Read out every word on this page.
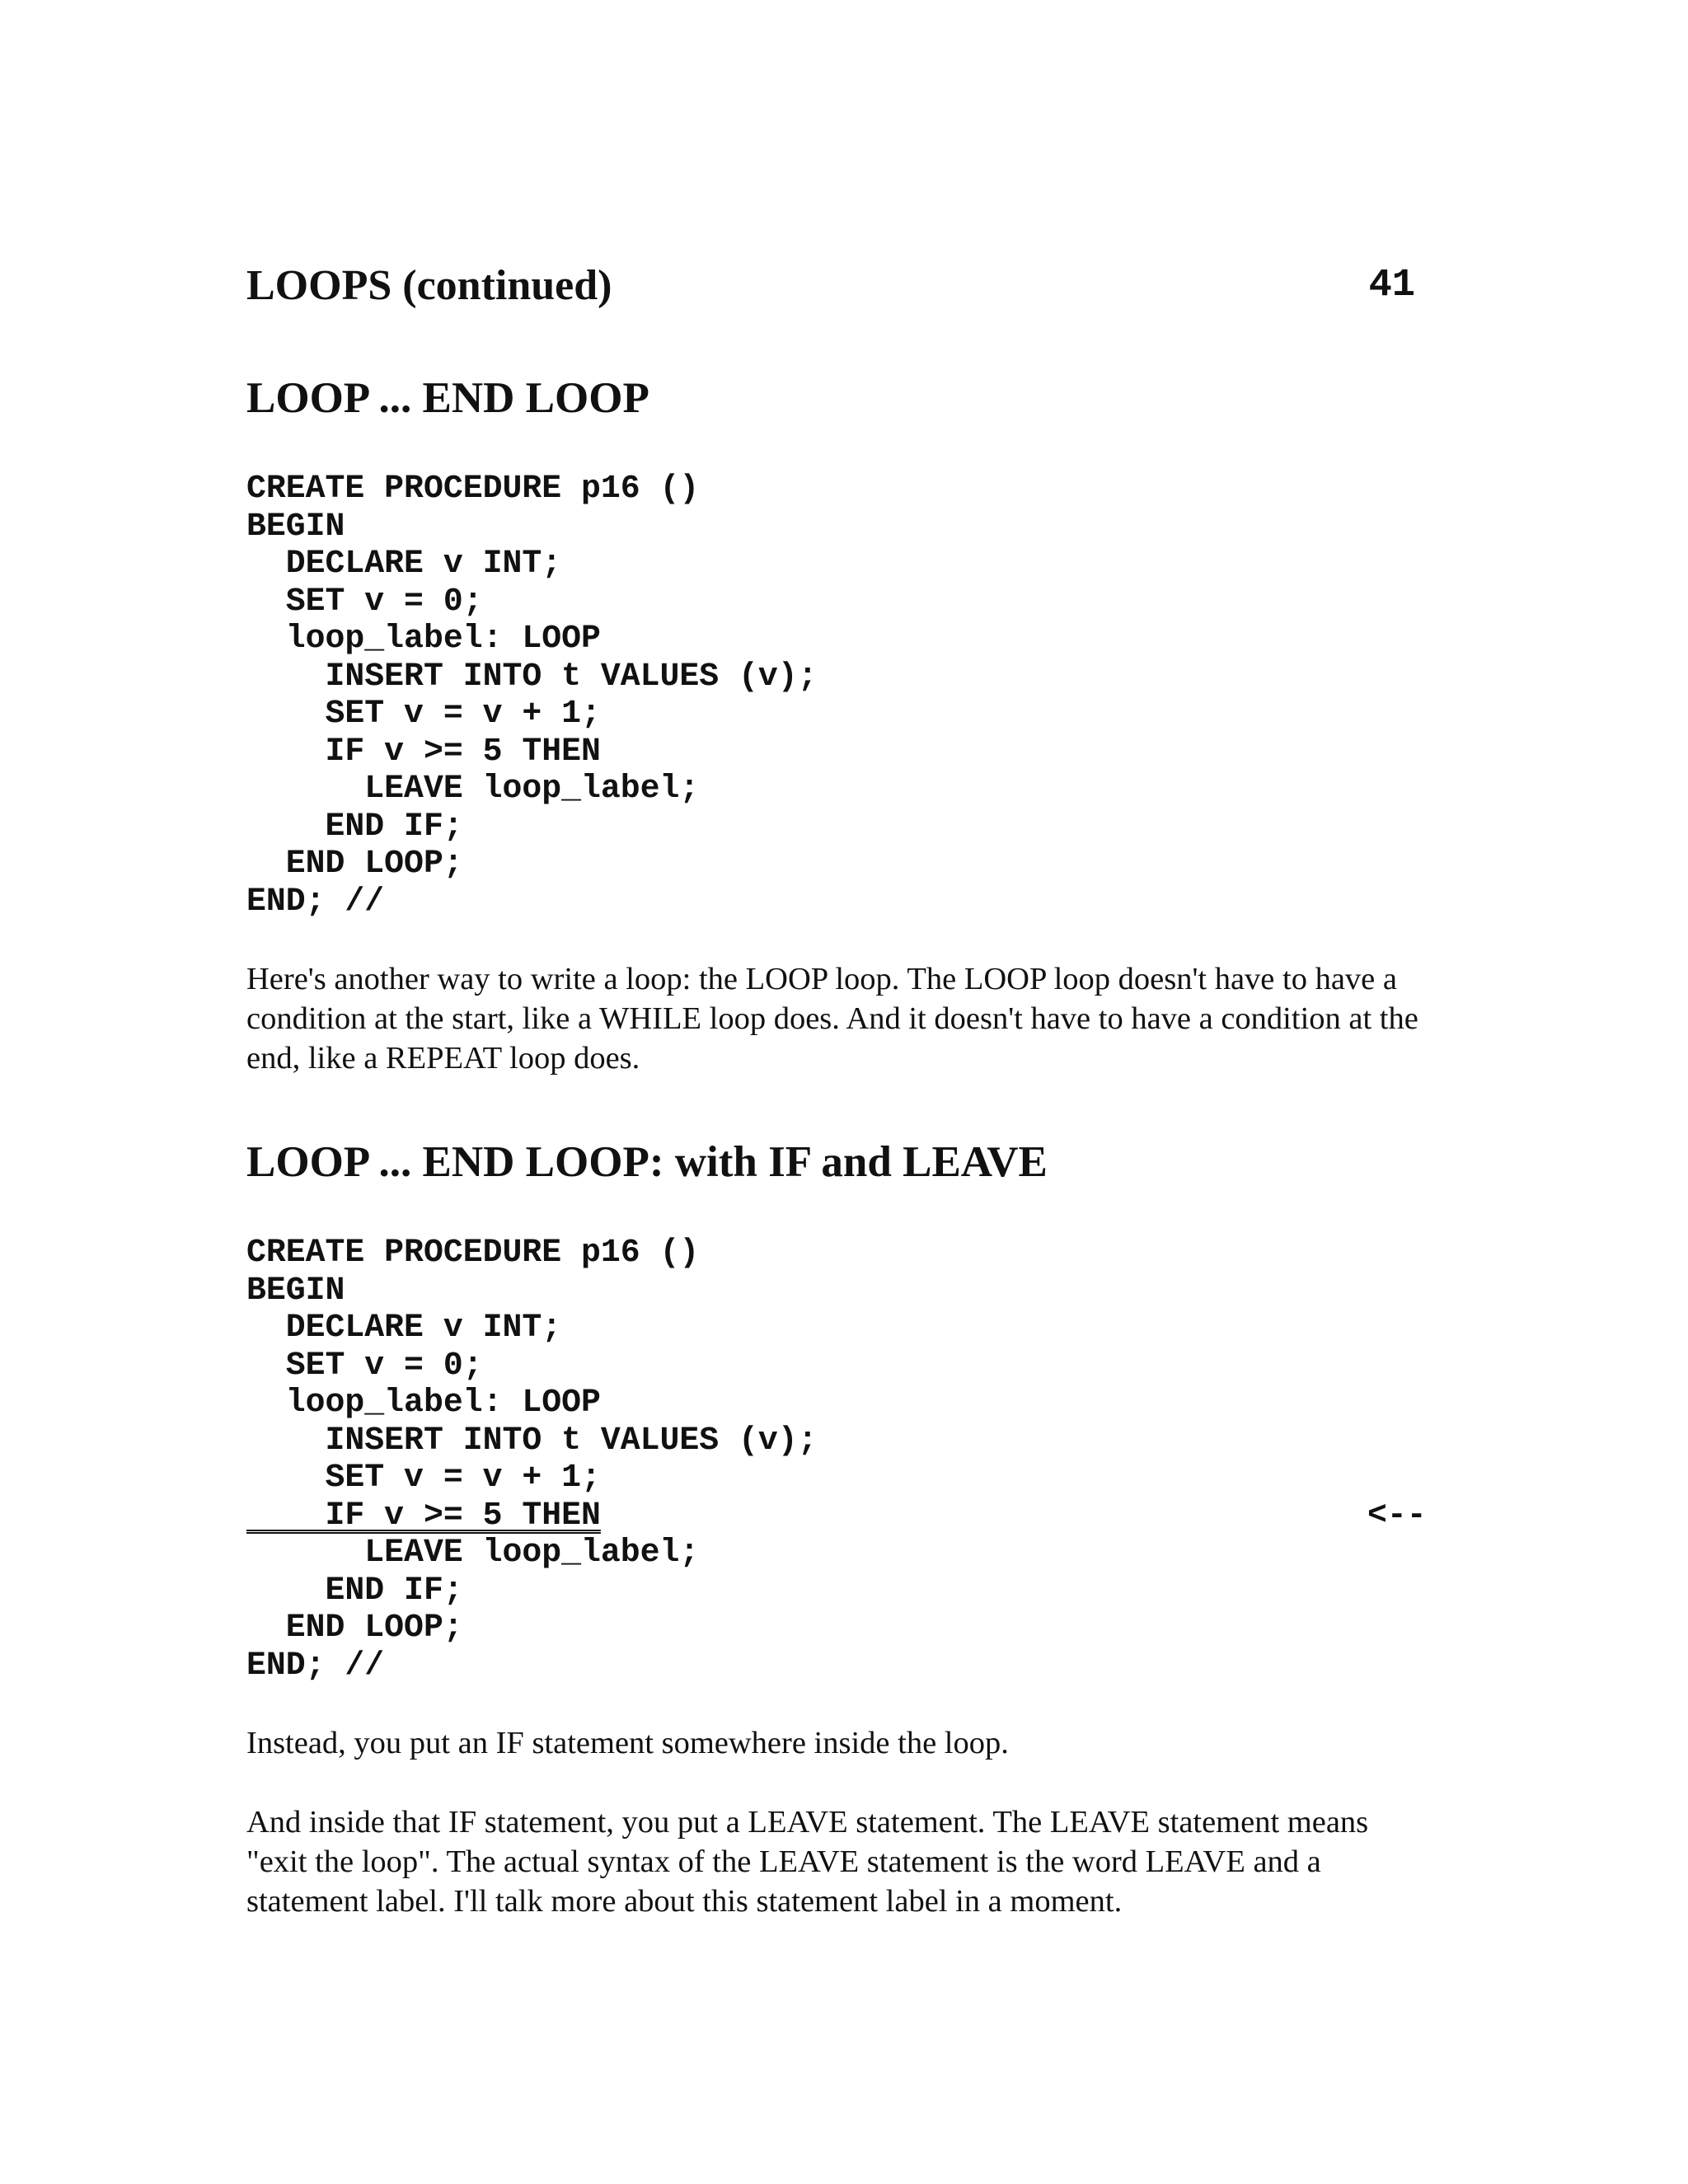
LOOPS (continued)	41
LOOP ... END LOOP
CREATE PROCEDURE p16 ()
BEGIN
DECLARE v INT;
SET v = 0;
loop_label: LOOP
INSERT INTO t VALUES (v);
SET v = v + 1;
IF v >= 5 THEN
LEAVE loop_label;
END IF;
END LOOP;
END; //

Here's another way to write a loop: the LOOP loop. The LOOP loop doesn't have to have a condition at the start, like a WHILE loop does. And it doesn't have to have a condition at the end, like a REPEAT loop does.

LOOP ... END LOOP: with IF and LEAVE
CREATE PROCEDURE p16 ()
BEGIN
DECLARE v INT;
SET v = 0;
loop_label: LOOP
INSERT INTO t VALUES (v);
SET v = v + 1;
IF v >= 5 THEN	<--
LEAVE loop_label;
END IF;
END LOOP;
END; //

Instead, you put an IF statement somewhere inside the loop.

And inside that IF statement, you put a LEAVE statement. The LEAVE statement means "exit the loop". The actual syntax of the LEAVE statement is the word LEAVE and a statement label. I'll talk more about this statement label in a moment.
